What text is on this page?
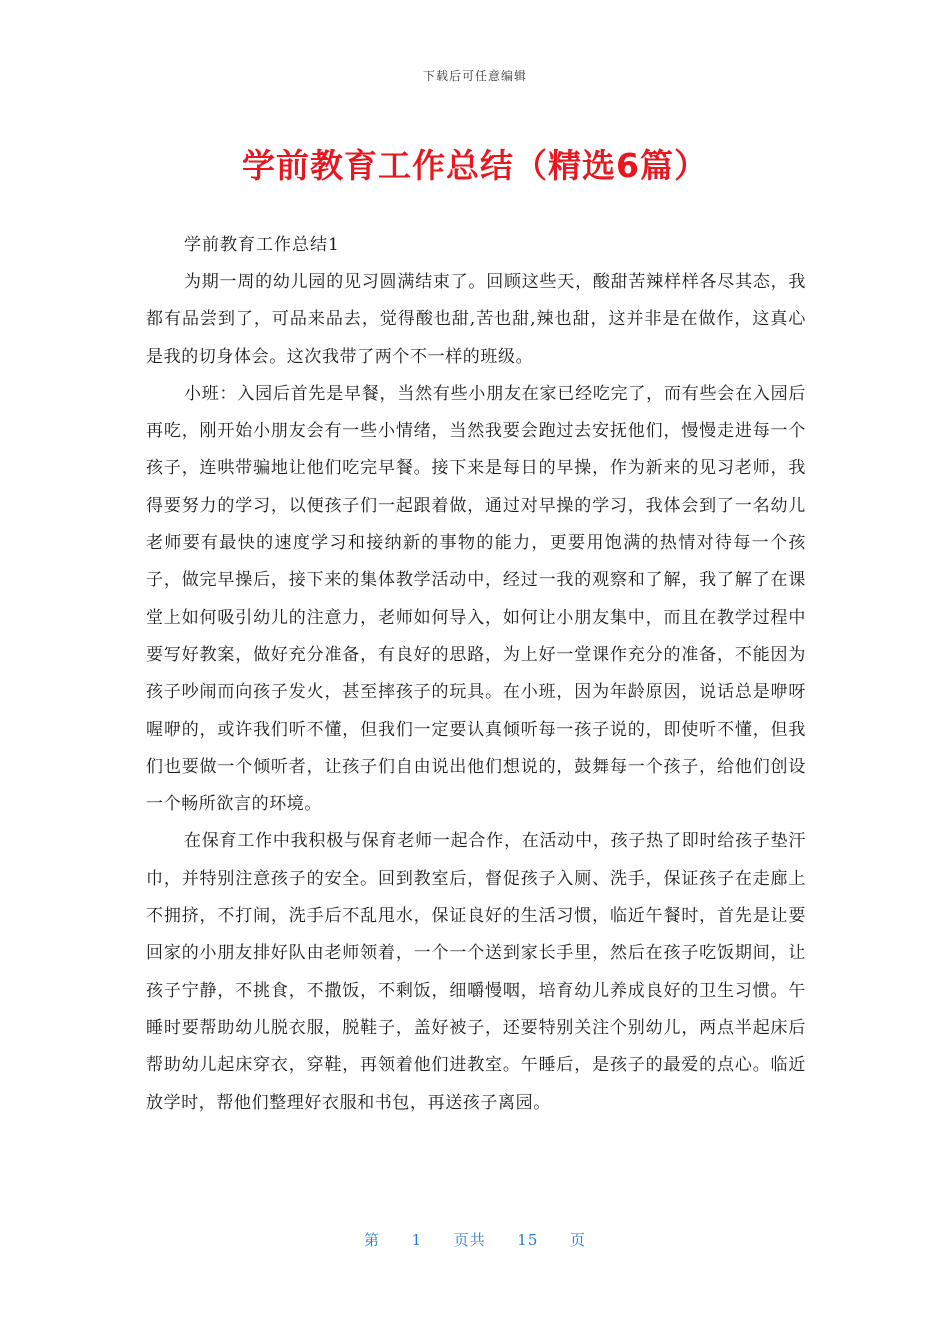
下载后可任意编辑
学前教育工作总结（精选6篇）

学前教育工作总结1

为期一周的幼儿园的见习圆满结束了。回顾这些天，酸甜苦辣样样各尽其态，我都有品尝到了，可品来品去，觉得酸也甜,苦也甜,辣也甜，这并非是在做作，这真心是我的切身体会。这次我带了两个不一样的班级。

小班：入园后首先是早餐，当然有些小朋友在家已经吃完了，而有些会在入园后再吃，刚开始小朋友会有一些小情绪，当然我要会跑过去安抚他们，慢慢走进每一个孩子，连哄带骗地让他们吃完早餐。接下来是每日的早操，作为新来的见习老师，我得要努力的学习，以便孩子们一起跟着做，通过对早操的学习，我体会到了一名幼儿老师要有最快的速度学习和接纳新的事物的能力，更要用饱满的热情对待每一个孩子，做完早操后，接下来的集体教学活动中，经过一我的观察和了解，我了解了在课堂上如何吸引幼儿的注意力，老师如何导入，如何让小朋友集中，而且在教学过程中要写好教案，做好充分准备，有良好的思路，为上好一堂课作充分的准备，不能因为孩子吵闹而向孩子发火，甚至摔孩子的玩具。在小班，因为年龄原因，说话总是咿呀喔咿的，或许我们听不懂，但我们一定要认真倾听每一孩子说的，即使听不懂，但我们也要做一个倾听者，让孩子们自由说出他们想说的，鼓舞每一个孩子，给他们创设一个畅所欲言的环境。

在保育工作中我积极与保育老师一起合作，在活动中，孩子热了即时给孩子垫汗巾，并特别注意孩子的安全。回到教室后，督促孩子入厕、洗手，保证孩子在走廊上不拥挤，不打闹，洗手后不乱甩水，保证良好的生活习惯，临近午餐时，首先是让要回家的小朋友排好队由老师领着，一个一个送到家长手里，然后在孩子吃饭期间，让孩子宁静，不挑食，不撒饭，不剩饭，细嚼慢咽，培育幼儿养成良好的卫生习惯。午睡时要帮助幼儿脱衣服，脱鞋子，盖好被子，还要特别关注个别幼儿，两点半起床后帮助幼儿起床穿衣，穿鞋，再领着他们进教室。午睡后，是孩子的最爱的点心。临近放学时，帮他们整理好衣服和书包，再送孩子离园。

第 1 页共 15 页
